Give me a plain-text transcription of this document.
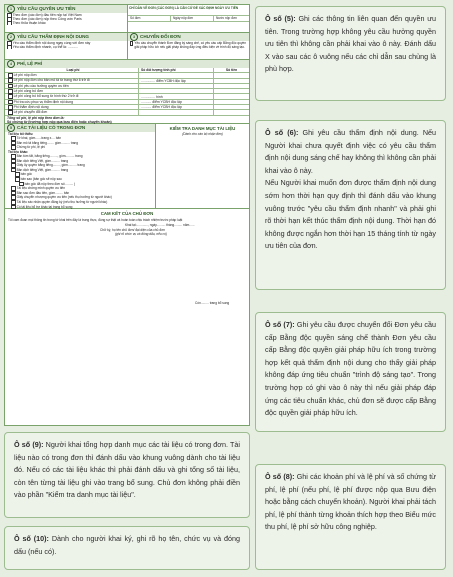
1	YÊU CẦU QUYỀN ƯU TIÊN
Theo đơn (các đơn) đầu tiên nộp tại Việt Nam
Theo đơn (các đơn) nộp theo Công ước Paris
Theo thỏa thuận khác:
CHỈ DẪN VỀ ĐƠN (CÁC ĐƠN) LÀ CĂN CỨ ĐỂ XÁC ĐỊNH NGÀY ƯU TIÊN
Số đơn	Ngày nộp đơn	Nước nộp đơn
2	YÊU CẦU THẨM ĐỊNH NỘI DUNG
Yêu cầu thẩm định nội dung ngay cùng với đơn này
Yêu cầu thẩm định nhanh, cụ thể là: ...........
3	CHUYỂN ĐỔI ĐƠN
Yêu cầu chuyển thành Đơn đăng ký sáng chế, có yêu cầu cấp Bằng độc quyền giải pháp hữu ích nếu giải pháp không đáp ứng điều kiện về trình độ sáng tạo.
4	PHÍ, LỆ PHÍ
Loại phí	Số đối tượng tính phí	Số tiền
Lệ phí nộp đơn
Lệ phí nộp đơn cho bản mô tả từ trang thứ 6 trở đi	............... điểm YCBH độc lập
Lệ phí yêu cầu hưởng quyền ưu tiên
Lệ phí công bố đơn
Lệ phí công bố bổ sung từ hình thứ 2 trở đi	............... hình
Phí tra cứu phục vụ thẩm định nội dung	........... điểm YCBH độc lập
Phí thẩm định nội dung	........... điểm YCBH độc lập
Lệ phí chuyển đổi đơn
Tổng số phí, lệ phí nộp theo đơn là:
Số chứng từ (trường hợp nộp qua bưu điện hoặc chuyển khoản)
5	CÁC TÀI LIỆU CÓ TRONG ĐƠN
Tài liệu tối thiểu:
Tờ khai, gồm.......trang x.... bản
Bản mô tả bằng tiếng........ gồm.......... trang
Chứng từ phí, lệ phí
Tài liệu khác:
Bản tóm tắt, bằng tiếng........., gồm.......... trang
Bản dịch tiếng Việt, gồm.......... trang
Giấy ủy quyền bằng tiếng........, gồm.......... trang
Bản dịch tiếng Việt, gồm.......... trang
bản gốc
bản sao (bản gốc sẽ nộp sau
bản gốc đã nộp theo đơn số:......... )
Tài liệu chứng minh quyền ưu tiên
Bản sao đơn đầu tiên, gồm......... bản
Giấy chuyển nhượng quyền ưu tiên (nếu thụ hưởng từ người khác)
Tài liệu xác nhận quyền đăng ký (nếu thụ hưởng từ người khác)
Có tài liệu bổ trợ khác tại trang bổ sung
KIỂM TRA DANH MỤC TÀI LIỆU
(Dành cho cán bộ nhận đơn)
CAM KẾT CỦA CHỦ ĐƠN
Tôi cam đoan mọi thông tin trong tờ khai trên đây là trung thực, đúng sự thật và hoàn toàn chịu trách nhiệm trước pháp luật
Khai tại:............., ngày.......... tháng......... năm......
Chữ ký, họ tên chủ đơn/ đại diện của chủ đơn
(ghi rõ chức vụ và đóng dấu, nếu có)
Còn......... trang bổ sung
Ô số (5): Ghi các thông tin liên quan đến quyền ưu tiên. Trong trường hợp không yêu cầu hưởng quyền ưu tiên thì không cần phải khai vào ô này. Đánh dấu X vào sau các ô vuông nếu các chỉ dẫn sau chủng là phù hợp.
Ô số (6): Ghi yêu cầu thẩm định nội dung. Nếu Người khai chưa quyết định việc có yêu cầu thẩm định nội dung sáng chế hay không thì không cần phải khai vào ô này.
Nếu Người khai muốn đơn được thẩm định nội dung sớm hơn thời hạn quy định thì đánh dấu vào khung vuông trước "yêu cầu thẩm định nhanh" và phải ghi rõ thời hạn kết thúc thẩm định nội dung. Thời hạn đó không được ngắn hơn thời hạn 15 tháng tính từ ngày ưu tiên của đơn.
Ô số (7): Ghi yêu cầu được chuyển đổi Đơn yêu cầu cấp Bằng độc quyền sáng chế thành Đơn yêu cầu cấp Bằng độc quyền giải pháp hữu ích trong trường hợp kết quả thẩm định nội dung cho thấy giải pháp không đáp ứng tiêu chuẩn "trình độ sáng tạo". Trong trường hợp có ghi vào ô này thì nếu giải pháp đáp ứng các tiêu chuẩn khác, chủ đơn sẽ được cấp Bằng độc quyền giải pháp hữu ích.
Ô số (8): Ghi các khoản phí và lệ phí và số chứng từ phí, lệ phí (nếu phí, lệ phí được nộp qua Bưu điện hoặc bằng cách chuyển khoản). Người khai phải tách phí, lệ phí thành từng khoản thích hợp theo Biểu mức thu phí, lệ phí sở hữu công nghiệp.
Ô số (9): Người khai tổng hợp danh mục các tài liệu có trong đơn. Tài liệu nào có trong đơn thì đánh dấu vào khung vuông dành cho tài liệu đó. Nếu có các tài liệu khác thì phải đánh dấu và ghi tổng số tài liệu, còn tên từng tài liệu ghi vào trang bổ sung. Chủ đơn không phải điền vào phần "Kiểm tra danh mục tài liệu".
Ô số (10): Dành cho người khai ký, ghi rõ họ tên, chức vụ và đóng dấu (nếu có).
